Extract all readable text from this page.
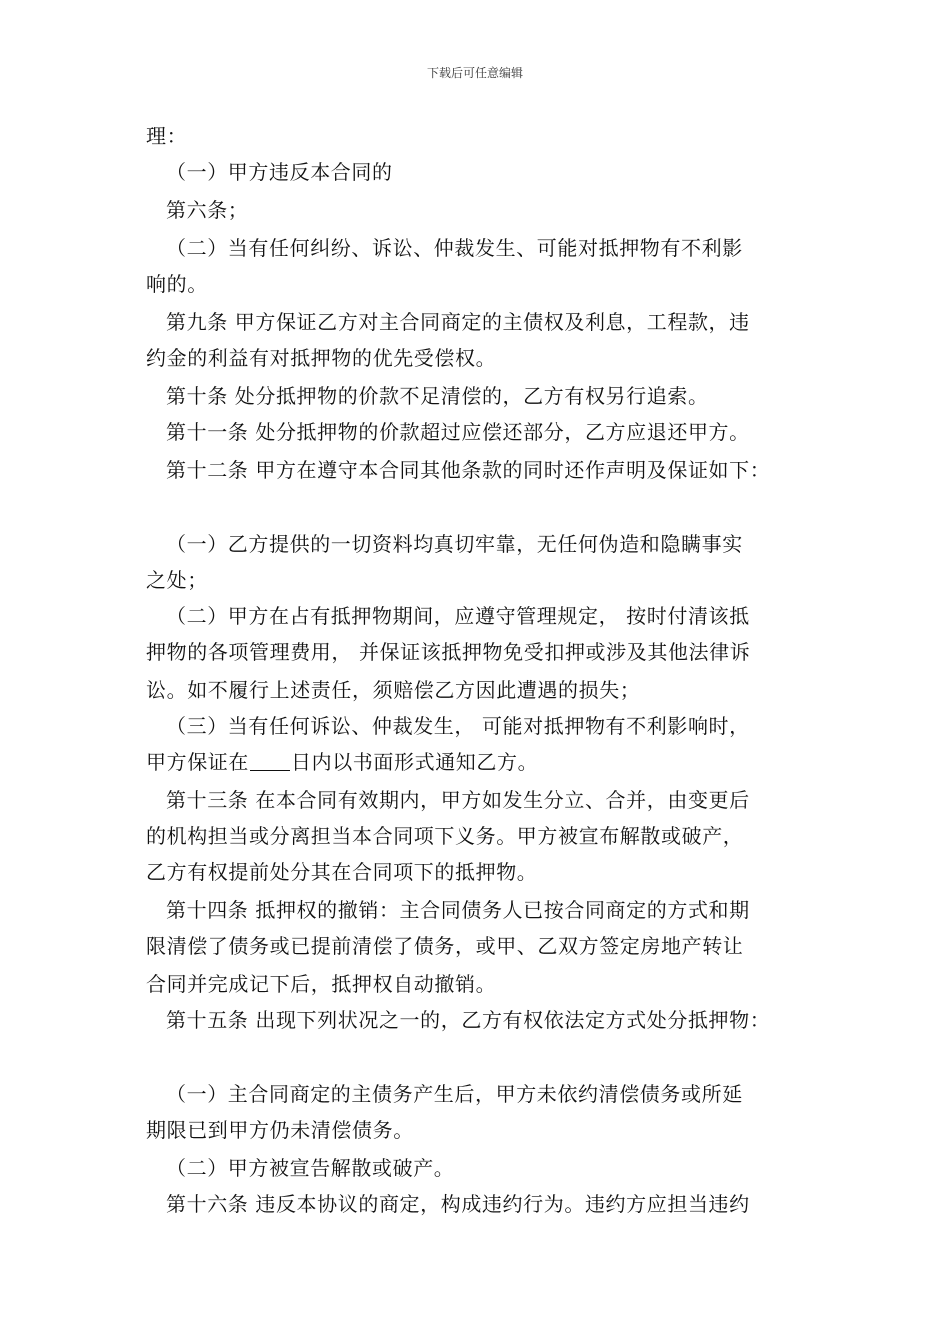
下载后可任意编辑
理：
（一）甲方违反本合同的
第六条；
（二）当有任何纠纷、诉讼、仲裁发生、可能对抵押物有不利影
响的。
第九条 甲方保证乙方对主合同商定的主债权及利息，工程款，违
约金的利益有对抵押物的优先受偿权。
第十条 处分抵押物的价款不足清偿的，乙方有权另行追索。
第十一条 处分抵押物的价款超过应偿还部分，乙方应退还甲方。
第十二条 甲方在遵守本合同其他条款的同时还作声明及保证如下：
（一）乙方提供的一切资料均真切牢靠，无任何伪造和隐瞒事实
之处；
（二）甲方在占有抵押物期间，应遵守管理规定， 按时付清该抵
押物的各项管理费用， 并保证该抵押物免受扣押或涉及其他法律诉
讼。如不履行上述责任，须赔偿乙方因此遭遇的损失；
（三）当有任何诉讼、仲裁发生， 可能对抵押物有不利影响时，
甲方保证在 日内以书面形式通知乙方。
第十三条 在本合同有效期内，甲方如发生分立、合并，由变更后
的机构担当或分离担当本合同项下义务。甲方被宣布解散或破产，
乙方有权提前处分其在合同项下的抵押物。
第十四条 抵押权的撤销：主合同债务人已按合同商定的方式和期
限清偿了债务或已提前清偿了债务，或甲、乙双方签定房地产转让
合同并完成记下后，抵押权自动撤销。
第十五条 出现下列状况之一的，乙方有权依法定方式处分抵押物：
（一）主合同商定的主债务产生后，甲方未依约清偿债务或所延
期限已到甲方仍未清偿债务。
（二）甲方被宣告解散或破产。
第十六条 违反本协议的商定，构成违约行为。违约方应担当违约
